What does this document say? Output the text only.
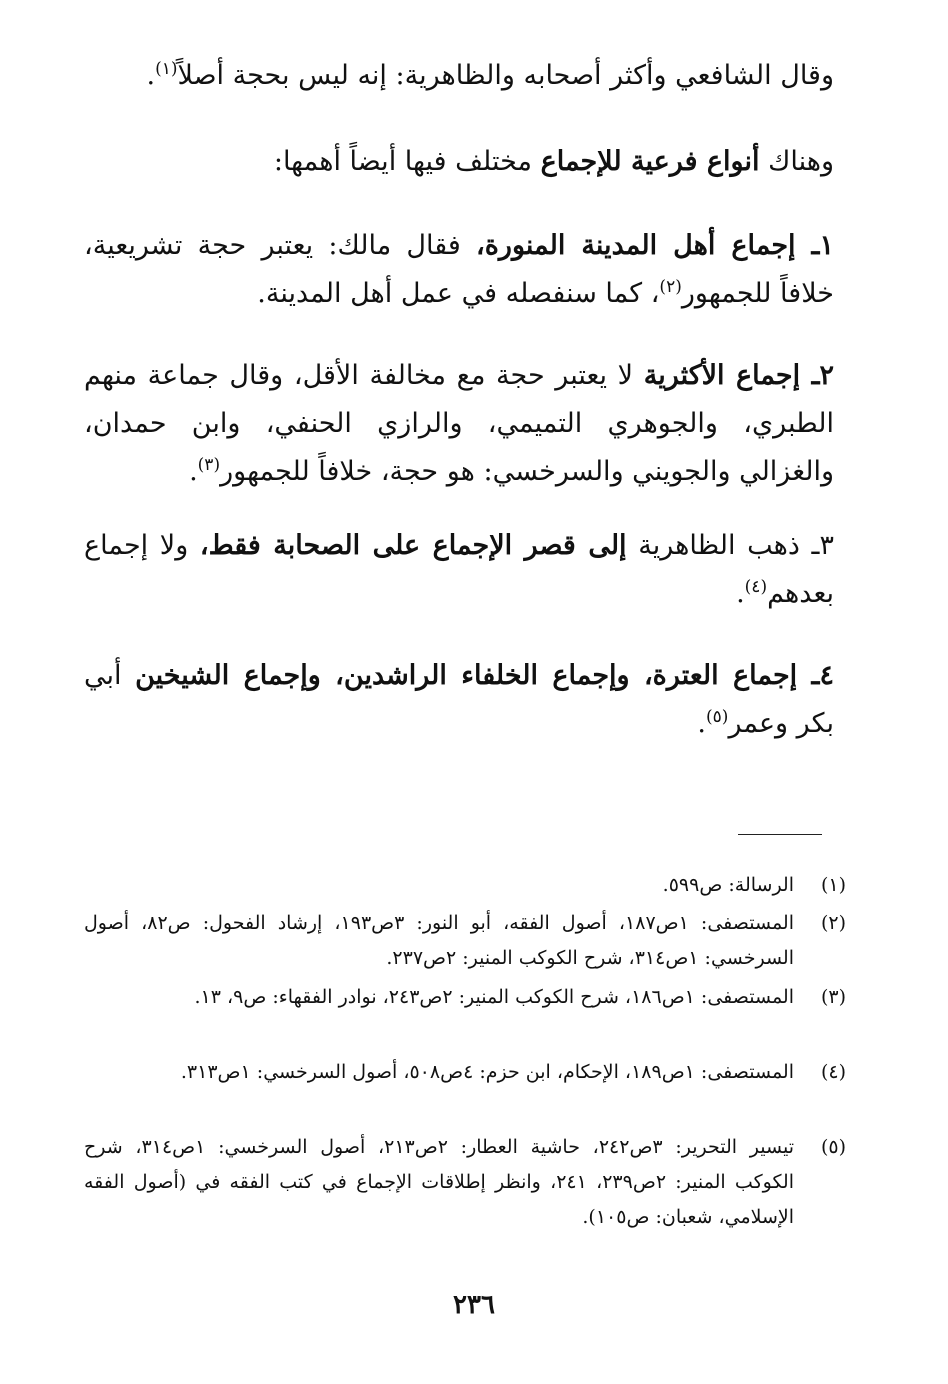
وقال الشافعي وأكثر أصحابه والظاهرية: إنه ليس بحجة أصلاً$^{(١)}$.

وهناك أنواع فرعية للإجماع مختلف فيها أيضاً أهمها:

١ـ إجماع أهل المدينة المنورة، فقال مالك: يعتبر حجة تشريعية، خلافاً للجمهور$^{(٢)}$، كما سنفصله في عمل أهل المدينة.

٢ـ إجماع الأكثرية لا يعتبر حجة مع مخالفة الأقل، وقال جماعة منهم الطبري، والجوهري التميمي، والرازي الحنفي، وابن حمدان، والغزالي والجويني والسرخسي: هو حجة، خلافاً للجمهور$^{(٣)}$.

٣ـ ذهب الظاهرية إلى قصر الإجماع على الصحابة فقط، ولا إجماع بعدهم$^{(٤)}$.

٤ـ إجماع العترة، وإجماع الخلفاء الراشدين، وإجماع الشيخين أبي بكر وعمر$^{(٥)}$.

(١)
الرسالة: ص٥٩٩.
(٢)
المستصفى: ١ص١٨٧، أصول الفقه، أبو النور: ٣ص١٩٣، إرشاد الفحول: ص٨٢، أصول السرخسي: ١ص٣١٤، شرح الكوكب المنير: ٢ص٢٣٧.
(٣)
المستصفى: ١ص١٨٦، شرح الكوكب المنير: ٢ص٢٤٣، نوادر الفقهاء: ص٩، ١٣.
(٤)
المستصفى: ١ص١٨٩، الإحكام، ابن حزم: ٤ص٥٠٨، أصول السرخسي: ١ص٣١٣.
(٥)
تيسير التحرير: ٣ص٢٤٢، حاشية العطار: ٢ص٢١٣، أصول السرخسي: ١ص٣١٤، شرح الكوكب المنير: ٢ص٢٣٩، ٢٤١، وانظر إطلاقات الإجماع في كتب الفقه في (أصول الفقه الإسلامي، شعبان: ص١٠٥).
٢٣٦
